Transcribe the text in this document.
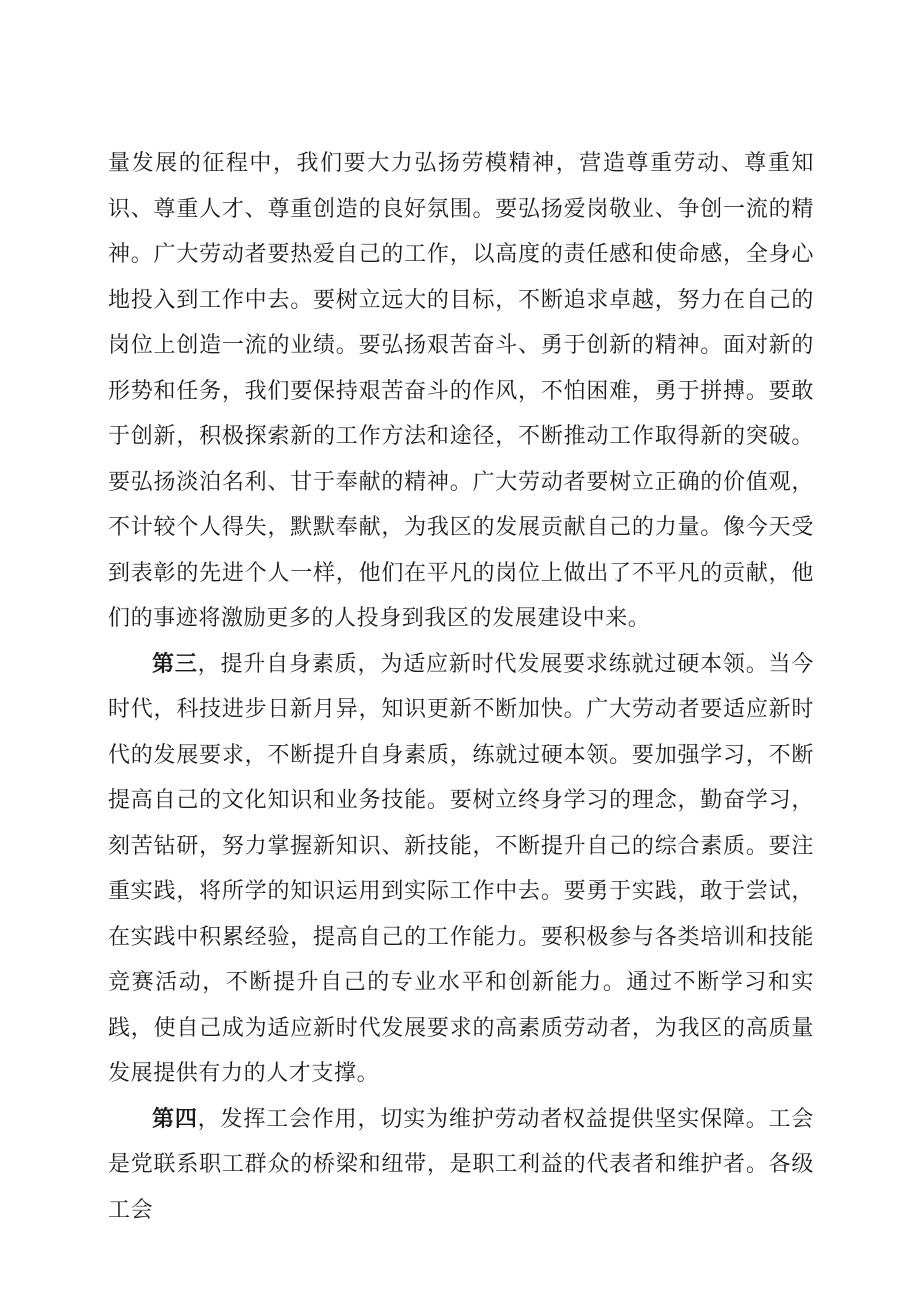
量发展的征程中，我们要大力弘扬劳模精神，营造尊重劳动、尊重知识、尊重人才、尊重创造的良好氛围。要弘扬爱岗敬业、争创一流的精神。广大劳动者要热爱自己的工作，以高度的责任感和使命感，全身心地投入到工作中去。要树立远大的目标，不断追求卓越，努力在自己的岗位上创造一流的业绩。要弘扬艰苦奋斗、勇于创新的精神。面对新的形势和任务，我们要保持艰苦奋斗的作风，不怕困难，勇于拼搏。要敢于创新，积极探索新的工作方法和途径，不断推动工作取得新的突破。要弘扬淡泊名利、甘于奉献的精神。广大劳动者要树立正确的价值观，不计较个人得失，默默奉献，为我区的发展贡献自己的力量。像今天受到表彰的先进个人一样，他们在平凡的岗位上做出了不平凡的贡献，他们的事迹将激励更多的人投身到我区的发展建设中来。

第三，提升自身素质，为适应新时代发展要求练就过硬本领。当今时代，科技进步日新月异，知识更新不断加快。广大劳动者要适应新时代的发展要求，不断提升自身素质，练就过硬本领。要加强学习，不断提高自己的文化知识和业务技能。要树立终身学习的理念，勤奋学习，刻苦钻研，努力掌握新知识、新技能，不断提升自己的综合素质。要注重实践，将所学的知识运用到实际工作中去。要勇于实践，敢于尝试，在实践中积累经验，提高自己的工作能力。要积极参与各类培训和技能竞赛活动，不断提升自己的专业水平和创新能力。通过不断学习和实践，使自己成为适应新时代发展要求的高素质劳动者，为我区的高质量发展提供有力的人才支撑。

第四，发挥工会作用，切实为维护劳动者权益提供坚实保障。工会是党联系职工群众的桥梁和纽带，是职工利益的代表者和维护者。各级工会
